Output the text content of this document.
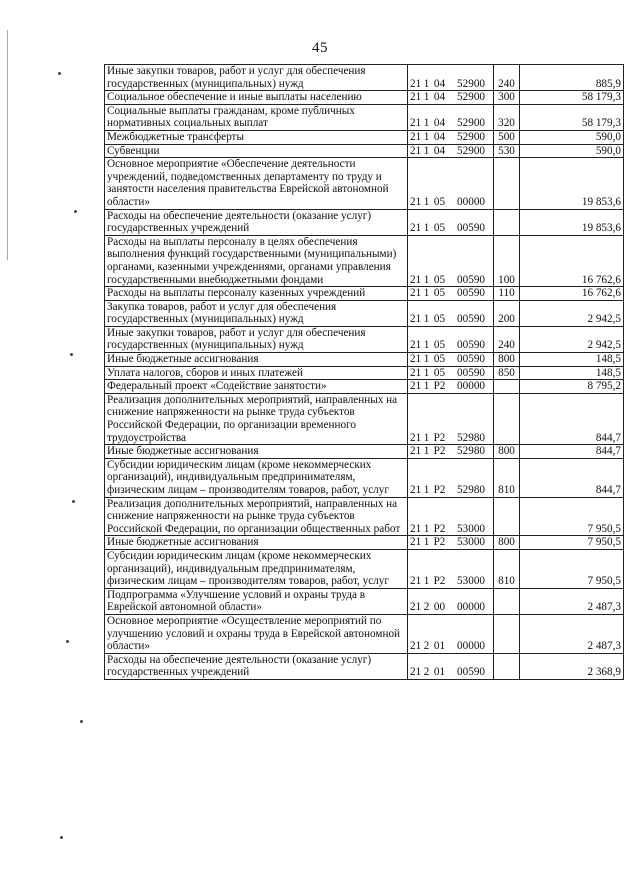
45
Иные закупки товаров, работ и услуг для обеспечения государственных (муниципальных) нужд	21 1 04 52900	240	885,9
Социальное обеспечение и иные выплаты населению	21 1 04 52900	300	58 179,3
Социальные выплаты гражданам, кроме публичных нормативных социальных выплат	21 1 04 52900	320	58 179,3
Межбюджетные трансферты	21 1 04 52900	500	590,0
Субвенции	21 1 04 52900	530	590,0
Основное мероприятие «Обеспечение деятельности учреждений, подведомственных департаменту по труду и занятости населения правительства Еврейской автономной области»	21 1 05 00000		19 853,6
Расходы на обеспечение деятельности (оказание услуг) государственных учреждений	21 1 05 00590		19 853,6
Расходы на выплаты персоналу в целях обеспечения выполнения функций государственными (муниципальными) органами, казенными учреждениями, органами управления государственными внебюджетными фондами	21 1 05 00590	100	16 762,6
Расходы на выплаты персоналу казенных учреждений	21 1 05 00590	110	16 762,6
Закупка товаров, работ и услуг для обеспечения государственных (муниципальных) нужд	21 1 05 00590	200	2 942,5
Иные закупки товаров, работ и услуг для обеспечения государственных (муниципальных) нужд	21 1 05 00590	240	2 942,5
Иные бюджетные ассигнования	21 1 05 00590	800	148,5
Уплата налогов, сборов и иных платежей	21 1 05 00590	850	148,5
Федеральный проект «Содействие занятости»	21 1 P2 00000		8 795,2
Реализация дополнительных мероприятий, направленных на снижение напряженности на рынке труда субъектов Российской Федерации, по организации временного трудоустройства	21 1 P2 52980		844,7
Иные бюджетные ассигнования	21 1 P2 52980	800	844,7
Субсидии юридическим лицам (кроме некоммерческих организаций), индивидуальным предпринимателям, физическим лицам – производителям товаров, работ, услуг	21 1 P2 52980	810	844,7
Реализация дополнительных мероприятий, направленных на снижение напряженности на рынке труда субъектов Российской Федерации, по организации общественных работ	21 1 P2 53000		7 950,5
Иные бюджетные ассигнования	21 1 P2 53000	800	7 950,5
Субсидии юридическим лицам (кроме некоммерческих организаций), индивидуальным предпринимателям, физическим лицам – производителям товаров, работ, услуг	21 1 P2 53000	810	7 950,5
Подпрограмма «Улучшение условий и охраны труда в Еврейской автономной области»	21 2 00 00000		2 487,3
Основное мероприятие «Осуществление мероприятий по улучшению условий и охраны труда в Еврейской автономной области»	21 2 01 00000		2 487,3
Расходы на обеспечение деятельности (оказание услуг) государственных учреждений	21 2 01 00590		2 368,9
